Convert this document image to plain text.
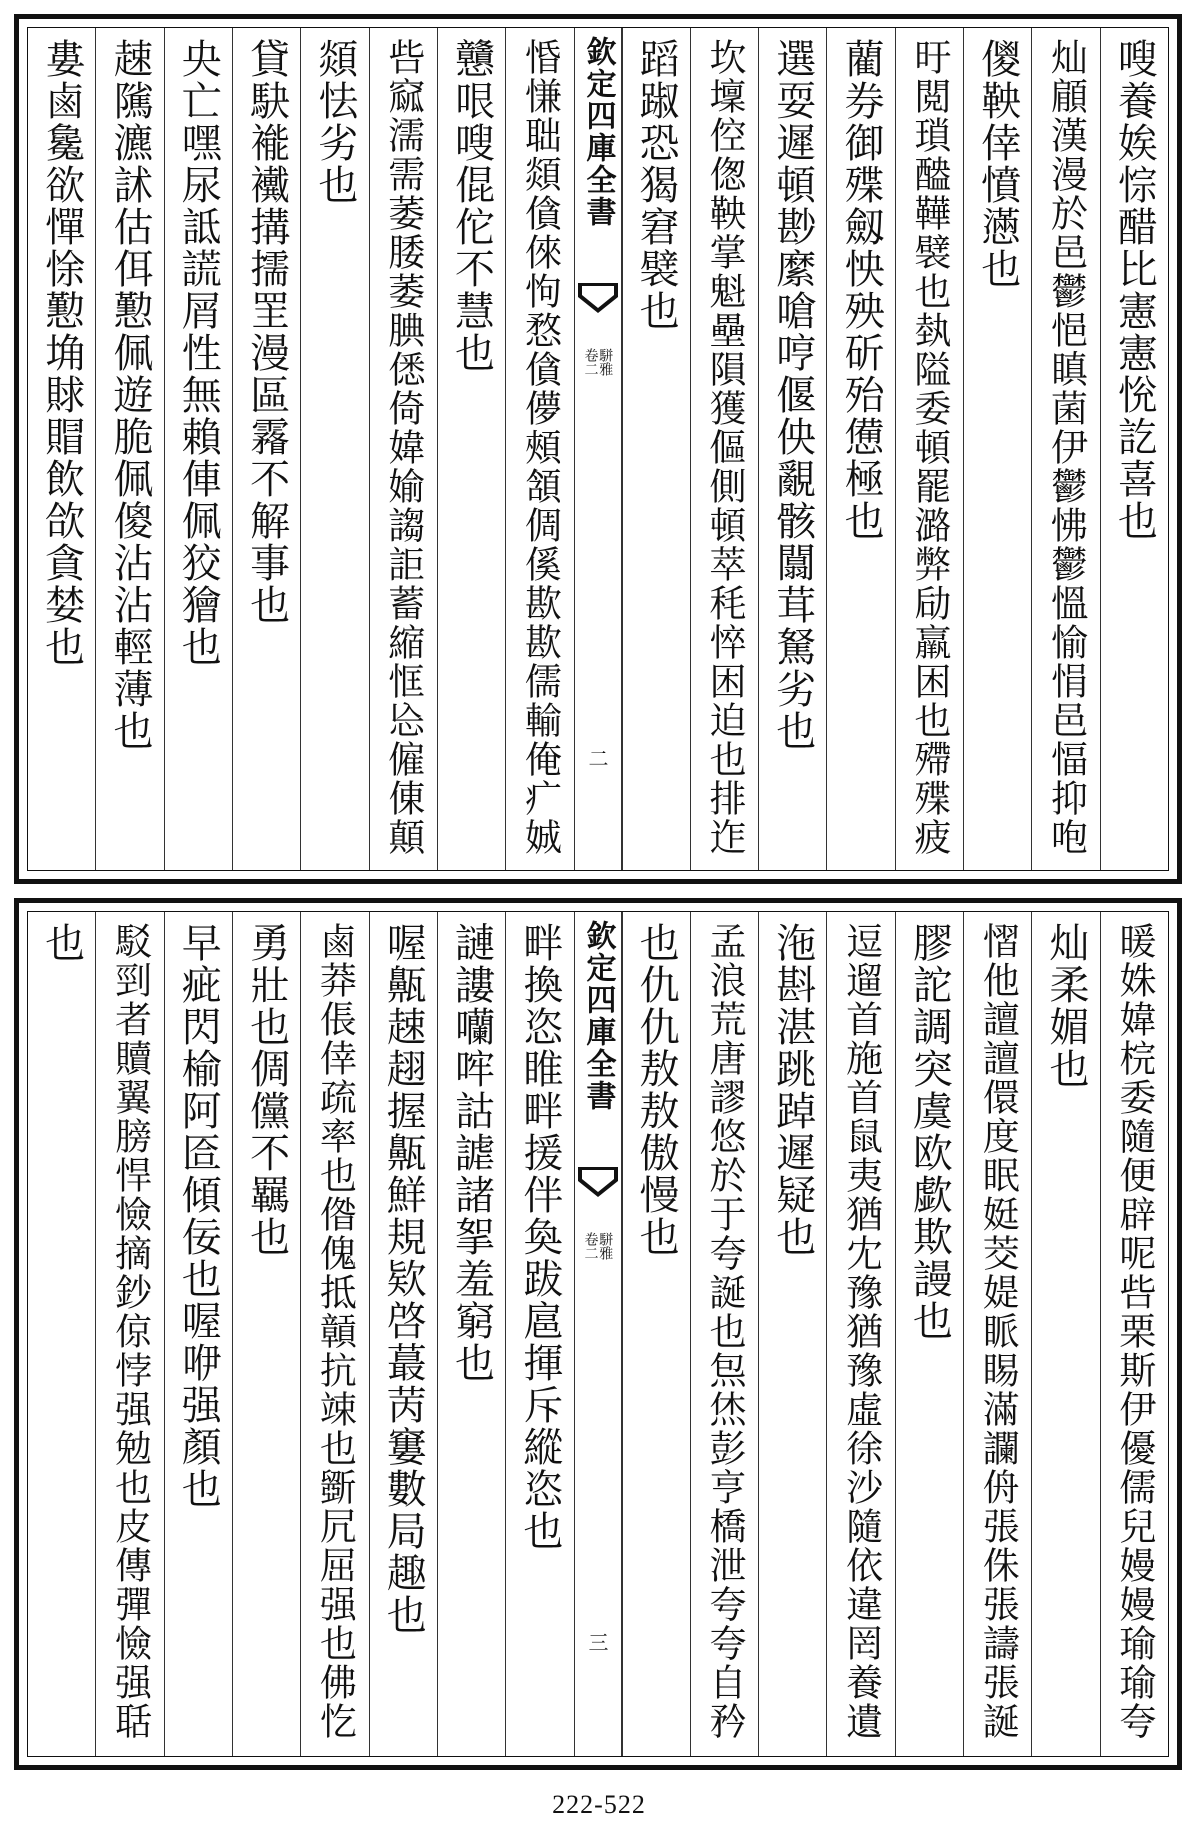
嗖養娭悰醋比憲憲恱訖喜也
灿顅漢漫於邑鬱悒瞋菌伊鬱怫鬱慍愉悁邑愊抑咆
儍鞅倖憤懣也
旴閲瑣醠鞾襞也埶隘委頓罷潞弊劶羸困也殢殜疲
藺券御殜劔怏殃斫殆憊極也
選耍遲頓尠縻嗆哼偃佒覶骸闒茸駑劣也
坎壈倥偬鞅掌魁壘隕獲傴側頓萃秏悴困迫也排迮
蹈踧恐猲窘襞也
欽定四庫全書
駢雅
卷二
二
惛慊聉顃僋倈怐愗僋儚頰頷倜傒歁歁儒輸俺疒娍
戇哏嗖倱佗不慧也
呰窳濡需萎腇萎腆僁倚媁媮謅詎蓄縮恇㤀僱倲顛
顃怯劣也
貸駃褦襶搆擩罜漫區霿不解事也
央亡嘿尿詆謊屑性無賴俥佩狡獪也
趚隲瀌訹估佴懃佩遊脆佩傻沾沾輕薄也
婁鹵毚欲憚悇懃埆賕賵飲欱貪婪也
暖姝媁梡委隨便辟呢呰栗斯伊優儒兒嫚嫚瑜瑜夸
灿柔媚也
慴他譠譠儇度眠娗茭媞眽睗滿讕侜張侏張譸張誕
膠詑調突虞欧歔欺謾也
逗遛首施首鼠夷猶冘豫猶豫虛徐沙隨依違罔養遺
沲斟湛跳踔遲疑也
孟浪荒唐謬悠於于夸誕也炰烋彭亨橋泄夸夸自矜
也仇仇敖敖傲慢也
欽定四庫全書
駢雅
卷二
三
畔換恣睢畔援伴奐跋扈揮斥縱恣也
謰謱囒哰詁謔諸挐羞窮也
喔齀趚趐握齀鮮規欵啓蕞苪窶數局趣也
鹵莽倀倖疏率也偺傀抵贑抗竦也斵凥屈强也佛忔
勇壯也倜儻不羈也
早疵閃榆阿匼傾佞也喔咿强顏也
駁剄者贖翼膀悍憸摘鈔倞悖强勉也皮傳彈憸强聒
也
222-522
